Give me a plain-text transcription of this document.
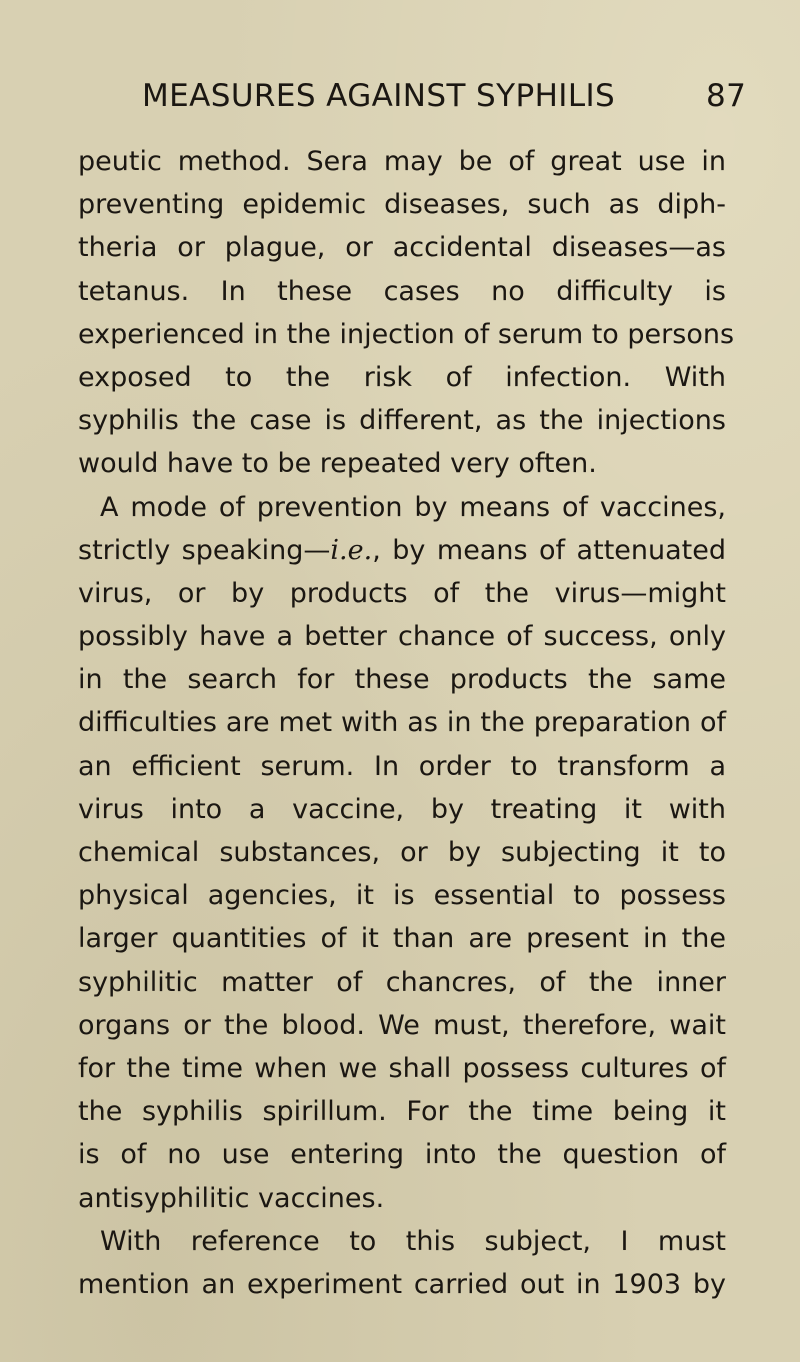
MEASURES AGAINST SYPHILIS	87
peutic method. Sera may be of great use in
preventing epidemic diseases, such as diph-
theria or plague, or accidental diseases—as
tetanus. In these cases no difficulty is
experienced in the injection of serum to persons
exposed to the risk of infection. With
syphilis the case is different, as the injections
would have to be repeated very often.
A mode of prevention by means of vaccines,
strictly speaking—i.e., by means of attenuated
virus, or by products of the virus—might
possibly have a better chance of success, only
in the search for these products the same
difficulties are met with as in the preparation of
an efficient serum. In order to transform a
virus into a vaccine, by treating it with
chemical substances, or by subjecting it to
physical agencies, it is essential to possess
larger quantities of it than are present in the
syphilitic matter of chancres, of the inner
organs or the blood. We must, therefore, wait
for the time when we shall possess cultures of
the syphilis spirillum. For the time being it
is of no use entering into the question of
antisyphilitic vaccines.
With reference to this subject, I must
mention an experiment carried out in 1903 by
